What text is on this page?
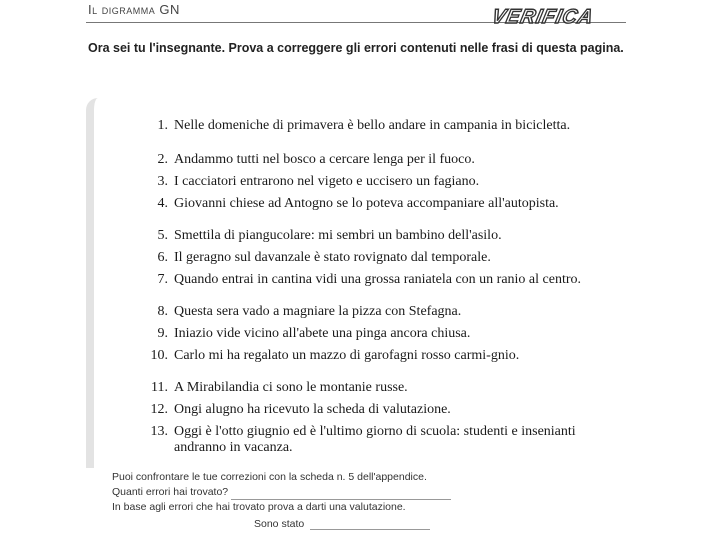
Il digramma GN	VERIFICA
Ora sei tu l'insegnante. Prova a correggere gli errori contenuti nelle frasi di questa pagina.
1. Nelle domeniche di primavera è bello andare in campania in bicicletta.
2. Andammo tutti nel bosco a cercare lenga per il fuoco.
3. I cacciatori entrarono nel vigeto e uccisero un fagiano.
4. Giovanni chiese ad Antogno se lo poteva accompaniare all'autopista.
5. Smettila di piangucolare: mi sembri un bambino dell'asilo.
6. Il geragno sul davanzale è stato rovignato dal temporale.
7. Quando entrai in cantina vidi una grossa raniatela con un ranio al centro.
8. Questa sera vado a magniare la pizza con Stefagna.
9. Iniazio vide vicino all'abete una pinga ancora chiusa.
10. Carlo mi ha regalato un mazzo di garofagni rosso carmi-gnio.
11. A Mirabilandia ci sono le montanie russe.
12. Ongi alugno ha ricevuto la scheda di valutazione.
13. Oggi è l'otto giugnio ed è l'ultimo giorno di scuola: studenti e insenianti andranno in vacanza.
Puoi confrontare le tue correzioni con la scheda n. 5 dell'appendice.
Quanti errori hai trovato?
In base agli errori che hai trovato prova a darti una valutazione.
Sono stato
